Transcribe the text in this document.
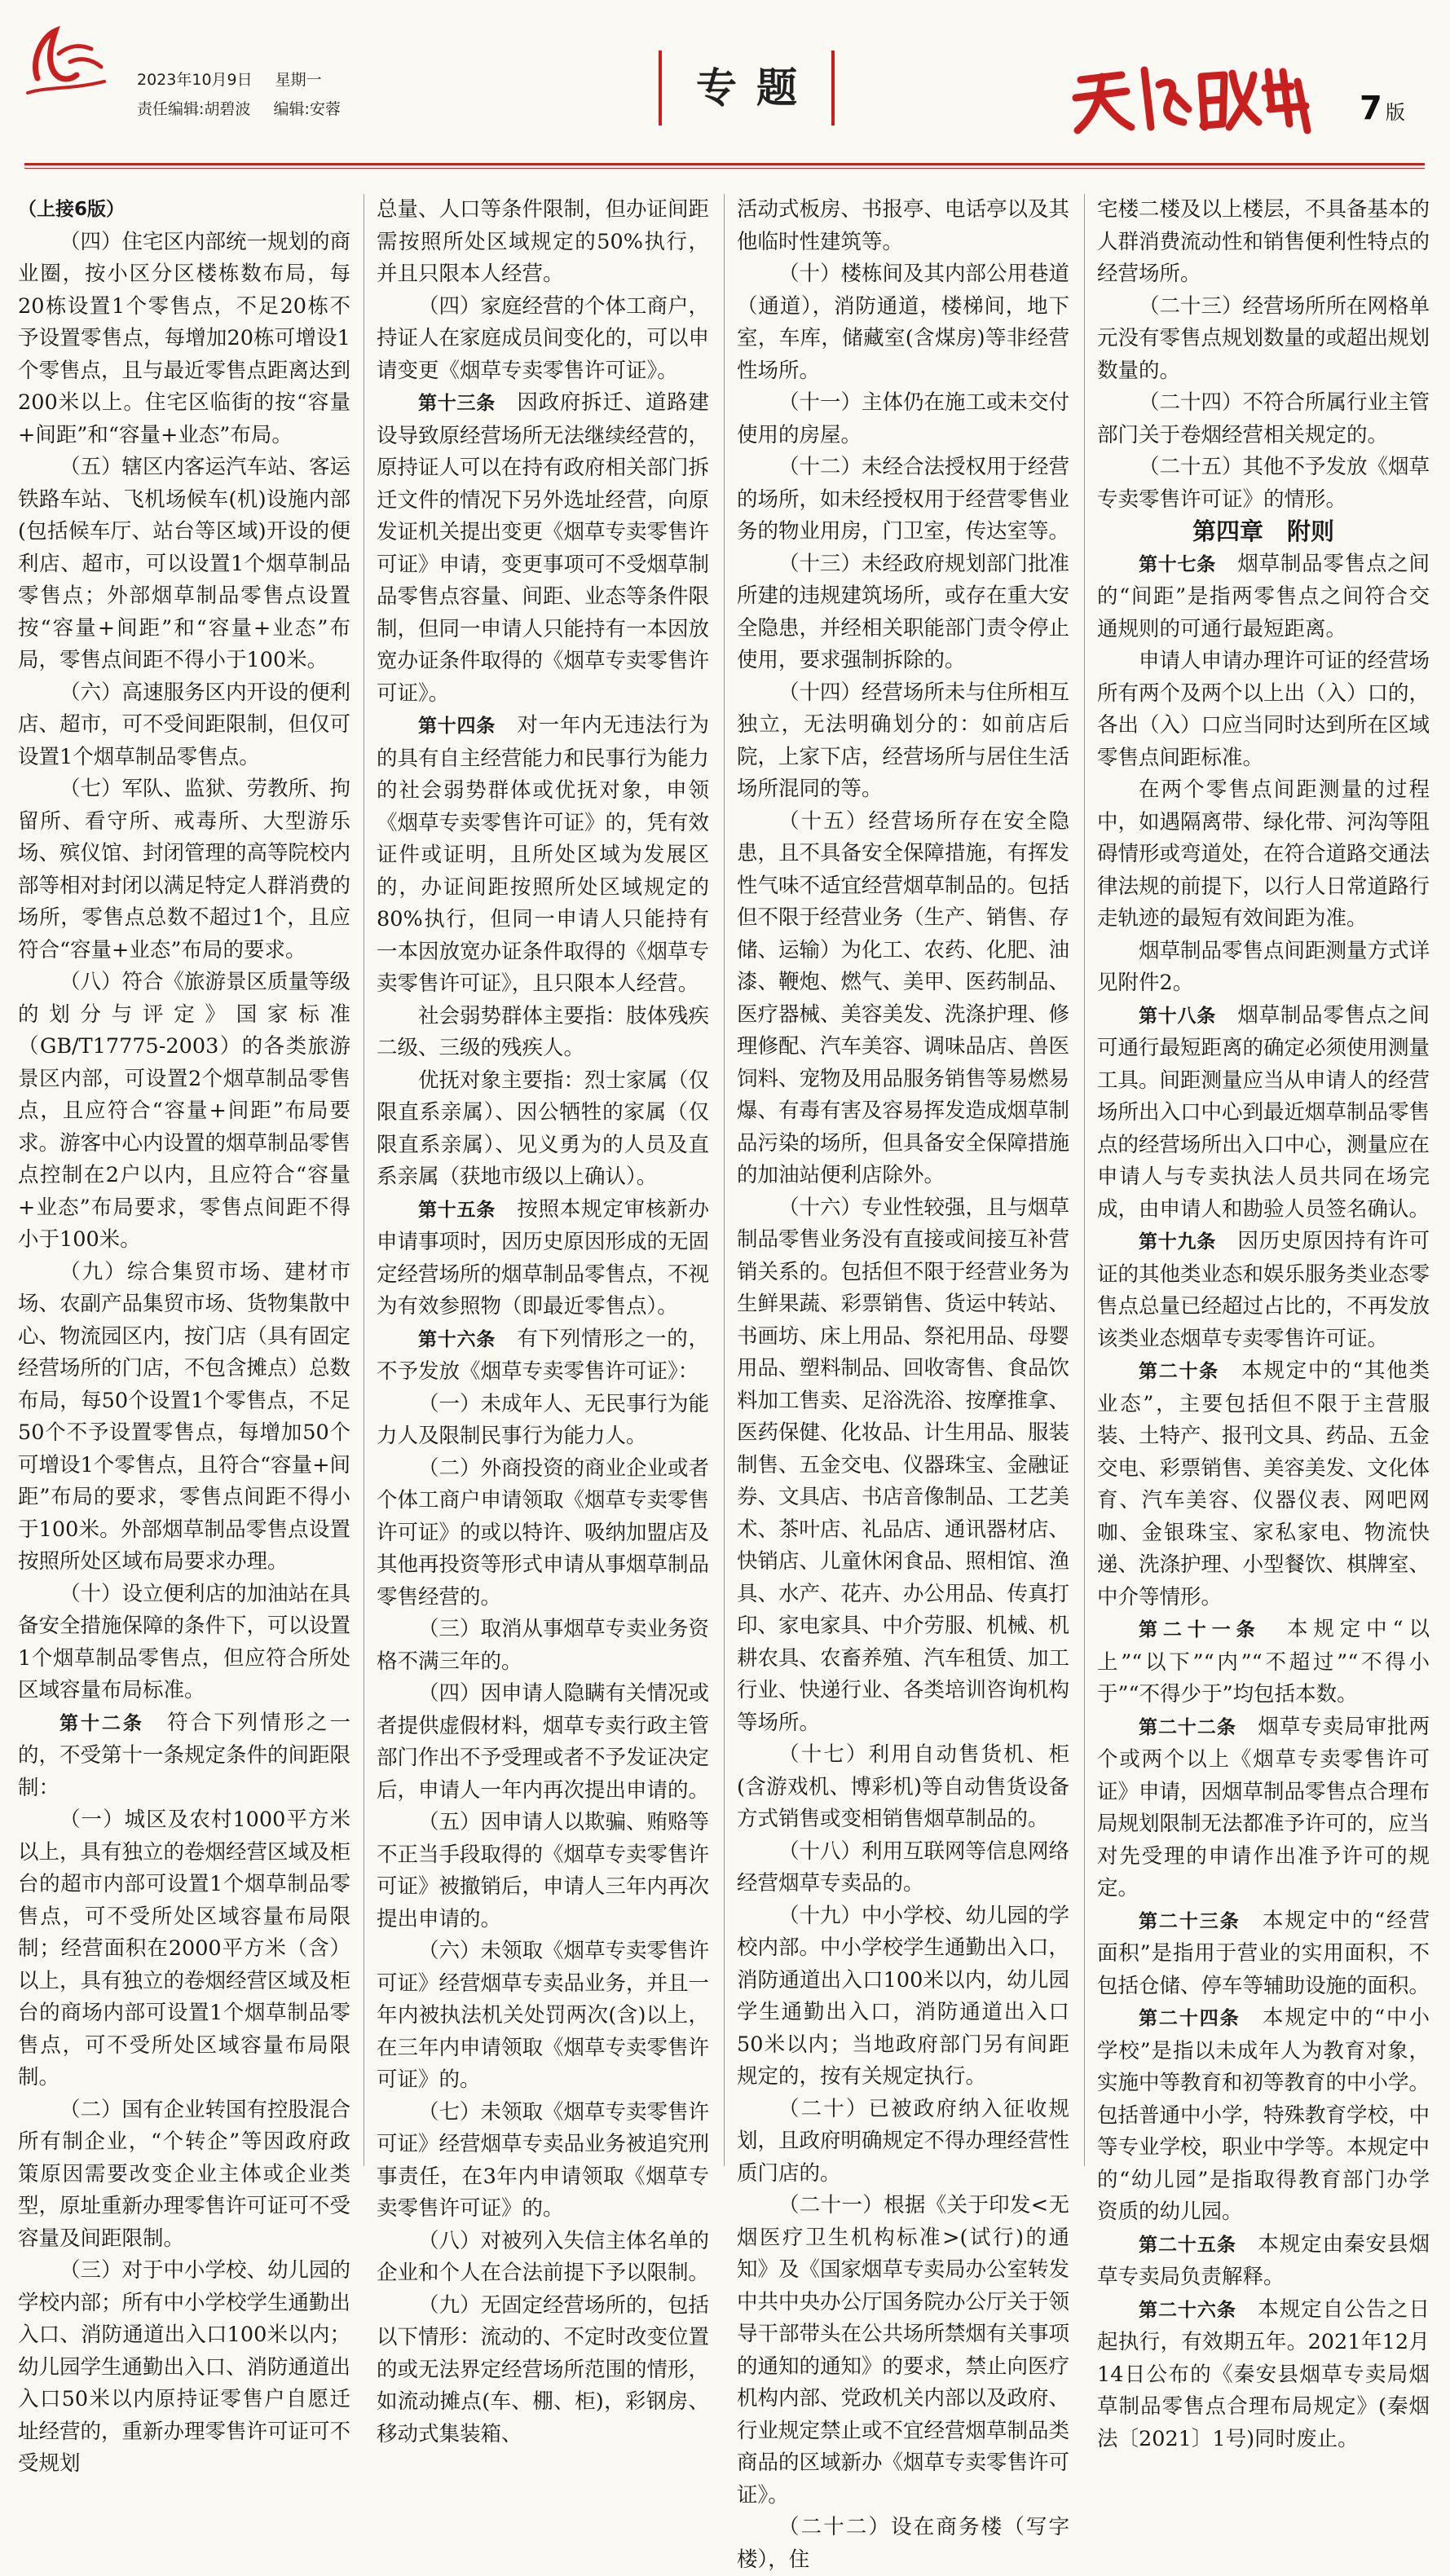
2023年10月9日 星期一
责任编辑:胡碧波 编辑:安蓉	专题	7 版

（上接6版）

（四）住宅区内部统一规划的商业圈，按小区分区楼栋数布局，每20栋设置1个零售点，不足20栋不予设置零售点，每增加20栋可增设1个零售点，且与最近零售点距离达到200米以上。住宅区临街的按“容量+间距”和“容量+业态”布局。

（五）辖区内客运汽车站、客运铁路车站、飞机场候车(机)设施内部(包括候车厅、站台等区域)开设的便利店、超市，可以设置1个烟草制品零售点；外部烟草制品零售点设置按“容量+间距”和“容量+业态”布局，零售点间距不得小于100米。

（六）高速服务区内开设的便利店、超市，可不受间距限制，但仅可设置1个烟草制品零售点。

（七）军队、监狱、劳教所、拘留所、看守所、戒毒所、大型游乐场、殡仪馆、封闭管理的高等院校内部等相对封闭以满足特定人群消费的场所，零售点总数不超过1个，且应符合“容量+业态”布局的要求。

（八）符合《旅游景区质量等级的划分与评定》国家标准（GB/T17775-2003）的各类旅游景区内部，可设置2个烟草制品零售点，且应符合“容量+间距”布局要求。游客中心内设置的烟草制品零售点控制在2户以内，且应符合“容量+业态”布局要求，零售点间距不得小于100米。

（九）综合集贸市场、建材市场、农副产品集贸市场、货物集散中心、物流园区内，按门店（具有固定经营场所的门店，不包含摊点）总数布局，每50个设置1个零售点，不足50个不予设置零售点，每增加50个可增设1个零售点，且符合“容量+间距”布局的要求，零售点间距不得小于100米。外部烟草制品零售点设置按照所处区域布局要求办理。

（十）设立便利店的加油站在具备安全措施保障的条件下，可以设置1个烟草制品零售点，但应符合所处区域容量布局标准。

第十二条　 符合下列情形之一的，不受第十一条规定条件的间距限制：

（一）城区及农村1000平方米以上，具有独立的卷烟经营区域及柜台的超市内部可设置1个烟草制品零售点，可不受所处区域容量布局限制；经营面积在2000平方米（含）以上，具有独立的卷烟经营区域及柜台的商场内部可设置1个烟草制品零售点，可不受所处区域容量布局限制。

（二）国有企业转国有控股混合所有制企业，“个转企”等因政府政策原因需要改变企业主体或企业类型，原址重新办理零售许可证可不受容量及间距限制。

（三）对于中小学校、幼儿园的学校内部；所有中小学校学生通勤出入口、消防通道出入口100米以内；幼儿园学生通勤出入口、消防通道出入口50米以内原持证零售户自愿迁址经营的，重新办理零售许可证可不受规划

总量、人口等条件限制，但办证间距需按照所处区域规定的50%执行，并且只限本人经营。

（四）家庭经营的个体工商户，持证人在家庭成员间变化的，可以申请变更《烟草专卖零售许可证》。

第十三条　 因政府拆迁、道路建设导致原经营场所无法继续经营的，原持证人可以在持有政府相关部门拆迁文件的情况下另外选址经营，向原发证机关提出变更《烟草专卖零售许可证》申请，变更事项可不受烟草制品零售点容量、间距、业态等条件限制，但同一申请人只能持有一本因放宽办证条件取得的《烟草专卖零售许可证》。

第十四条　 对一年内无违法行为的具有自主经营能力和民事行为能力的社会弱势群体或优抚对象，申领《烟草专卖零售许可证》的，凭有效证件或证明，且所处区域为发展区的，办证间距按照所处区域规定的80%执行，但同一申请人只能持有一本因放宽办证条件取得的《烟草专卖零售许可证》，且只限本人经营。

社会弱势群体主要指：肢体残疾二级、三级的残疾人。

优抚对象主要指：烈士家属（仅限直系亲属）、因公牺牲的家属（仅限直系亲属）、见义勇为的人员及直系亲属（获地市级以上确认）。

第十五条　 按照本规定审核新办申请事项时，因历史原因形成的无固定经营场所的烟草制品零售点，不视为有效参照物（即最近零售点）。

第十六条　 有下列情形之一的，不予发放《烟草专卖零售许可证》：

（一）未成年人、无民事行为能力人及限制民事行为能力人。

（二）外商投资的商业企业或者个体工商户申请领取《烟草专卖零售许可证》的或以特许、吸纳加盟店及其他再投资等形式申请从事烟草制品零售经营的。

（三）取消从事烟草专卖业务资格不满三年的。

（四）因申请人隐瞒有关情况或者提供虚假材料，烟草专卖行政主管部门作出不予受理或者不予发证决定后，申请人一年内再次提出申请的。

（五）因申请人以欺骗、贿赂等不正当手段取得的《烟草专卖零售许可证》被撤销后，申请人三年内再次提出申请的。

（六）未领取《烟草专卖零售许可证》经营烟草专卖品业务，并且一年内被执法机关处罚两次(含)以上，在三年内申请领取《烟草专卖零售许可证》的。

（七）未领取《烟草专卖零售许可证》经营烟草专卖品业务被追究刑事责任，在3年内申请领取《烟草专卖零售许可证》的。

（八）对被列入失信主体名单的企业和个人在合法前提下予以限制。

（九）无固定经营场所的，包括以下情形：流动的、不定时改变位置的或无法界定经营场所范围的情形，如流动摊点(车、棚、柜)，彩钢房、移动式集装箱、

活动式板房、书报亭、电话亭以及其他临时性建筑等。

（十）楼栋间及其内部公用巷道（通道），消防通道，楼梯间，地下室，车库，储藏室(含煤房)等非经营性场所。

（十一）主体仍在施工或未交付使用的房屋。

（十二）未经合法授权用于经营的场所，如未经授权用于经营零售业务的物业用房，门卫室，传达室等。

（十三）未经政府规划部门批准所建的违规建筑场所，或存在重大安全隐患，并经相关职能部门责令停止使用，要求强制拆除的。

（十四）经营场所未与住所相互独立，无法明确划分的：如前店后院，上家下店，经营场所与居住生活场所混同的等。

（十五）经营场所存在安全隐患，且不具备安全保障措施，有挥发性气味不适宜经营烟草制品的。包括但不限于经营业务（生产、销售、存储、运输）为化工、农药、化肥、油漆、鞭炮、燃气、美甲、医药制品、医疗器械、美容美发、洗涤护理、修理修配、汽车美容、调味品店、兽医饲料、宠物及用品服务销售等易燃易爆、有毒有害及容易挥发造成烟草制品污染的场所，但具备安全保障措施的加油站便利店除外。

（十六）专业性较强，且与烟草制品零售业务没有直接或间接互补营销关系的。包括但不限于经营业务为生鲜果蔬、彩票销售、货运中转站、书画坊、床上用品、祭祀用品、母婴用品、塑料制品、回收寄售、食品饮料加工售卖、足浴洗浴、按摩推拿、医药保健、化妆品、计生用品、服装制售、五金交电、仪器珠宝、金融证券、文具店、书店音像制品、工艺美术、茶叶店、礼品店、通讯器材店、快销店、儿童休闲食品、照相馆、渔具、水产、花卉、办公用品、传真打印、家电家具、中介劳服、机械、机耕农具、农畜养殖、汽车租赁、加工行业、快递行业、各类培训咨询机构等场所。

（十七）利用自动售货机、柜(含游戏机、博彩机)等自动售货设备方式销售或变相销售烟草制品的。

（十八）利用互联网等信息网络经营烟草专卖品的。

（十九）中小学校、幼儿园的学校内部。中小学校学生通勤出入口，消防通道出入口100米以内，幼儿园学生通勤出入口，消防通道出入口50米以内；当地政府部门另有间距规定的，按有关规定执行。

（二十）已被政府纳入征收规划，且政府明确规定不得办理经营性质门店的。

（二十一）根据《关于印发<无烟医疗卫生机构标准>(试行)的通知》及《国家烟草专卖局办公室转发中共中央办公厅国务院办公厅关于领导干部带头在公共场所禁烟有关事项的通知的通知》的要求，禁止向医疗机构内部、党政机关内部以及政府、行业规定禁止或不宜经营烟草制品类商品的区域新办《烟草专卖零售许可证》。

（二十二）设在商务楼（写字楼），住

宅楼二楼及以上楼层，不具备基本的人群消费流动性和销售便利性特点的经营场所。

（二十三）经营场所所在网格单元没有零售点规划数量的或超出规划数量的。

（二十四）不符合所属行业主管部门关于卷烟经营相关规定的。

（二十五）其他不予发放《烟草专卖零售许可证》的情形。

第四章　附则

第十七条　 烟草制品零售点之间的“间距”是指两零售点之间符合交通规则的可通行最短距离。

申请人申请办理许可证的经营场所有两个及两个以上出（入）口的，各出（入）口应当同时达到所在区域零售点间距标准。

在两个零售点间距测量的过程中，如遇隔离带、绿化带、河沟等阻碍情形或弯道处，在符合道路交通法律法规的前提下，以行人日常道路行走轨迹的最短有效间距为准。

烟草制品零售点间距测量方式详见附件2。

第十八条　 烟草制品零售点之间可通行最短距离的确定必须使用测量工具。间距测量应当从申请人的经营场所出入口中心到最近烟草制品零售点的经营场所出入口中心，测量应在申请人与专卖执法人员共同在场完成，由申请人和勘验人员签名确认。

第十九条　 因历史原因持有许可证的其他类业态和娱乐服务类业态零售点总量已经超过占比的，不再发放该类业态烟草专卖零售许可证。

第二十条　 本规定中的“其他类业态”，主要包括但不限于主营服装、土特产、报刊文具、药品、五金交电、彩票销售、美容美发、文化体育、汽车美容、仪器仪表、网吧网咖、金银珠宝、家私家电、物流快递、洗涤护理、小型餐饮、棋牌室、中介等情形。

第二十一条　 本规定中“以上”“以下”“内”“不超过”“不得小于”“不得少于”均包括本数。

第二十二条　 烟草专卖局审批两个或两个以上《烟草专卖零售许可证》申请，因烟草制品零售点合理布局规划限制无法都准予许可的，应当对先受理的申请作出准予许可的规定。

第二十三条　 本规定中的“经营面积”是指用于营业的实用面积，不包括仓储、停车等辅助设施的面积。

第二十四条　 本规定中的“中小学校”是指以未成年人为教育对象，实施中等教育和初等教育的中小学。包括普通中小学，特殊教育学校，中等专业学校，职业中学等。本规定中的“幼儿园”是指取得教育部门办学资质的幼儿园。

第二十五条　 本规定由秦安县烟草专卖局负责解释。

第二十六条　 本规定自公告之日起执行，有效期五年。2021年12月14日公布的《秦安县烟草专卖局烟草制品零售点合理布局规定》(秦烟法〔2021〕1号)同时废止。
